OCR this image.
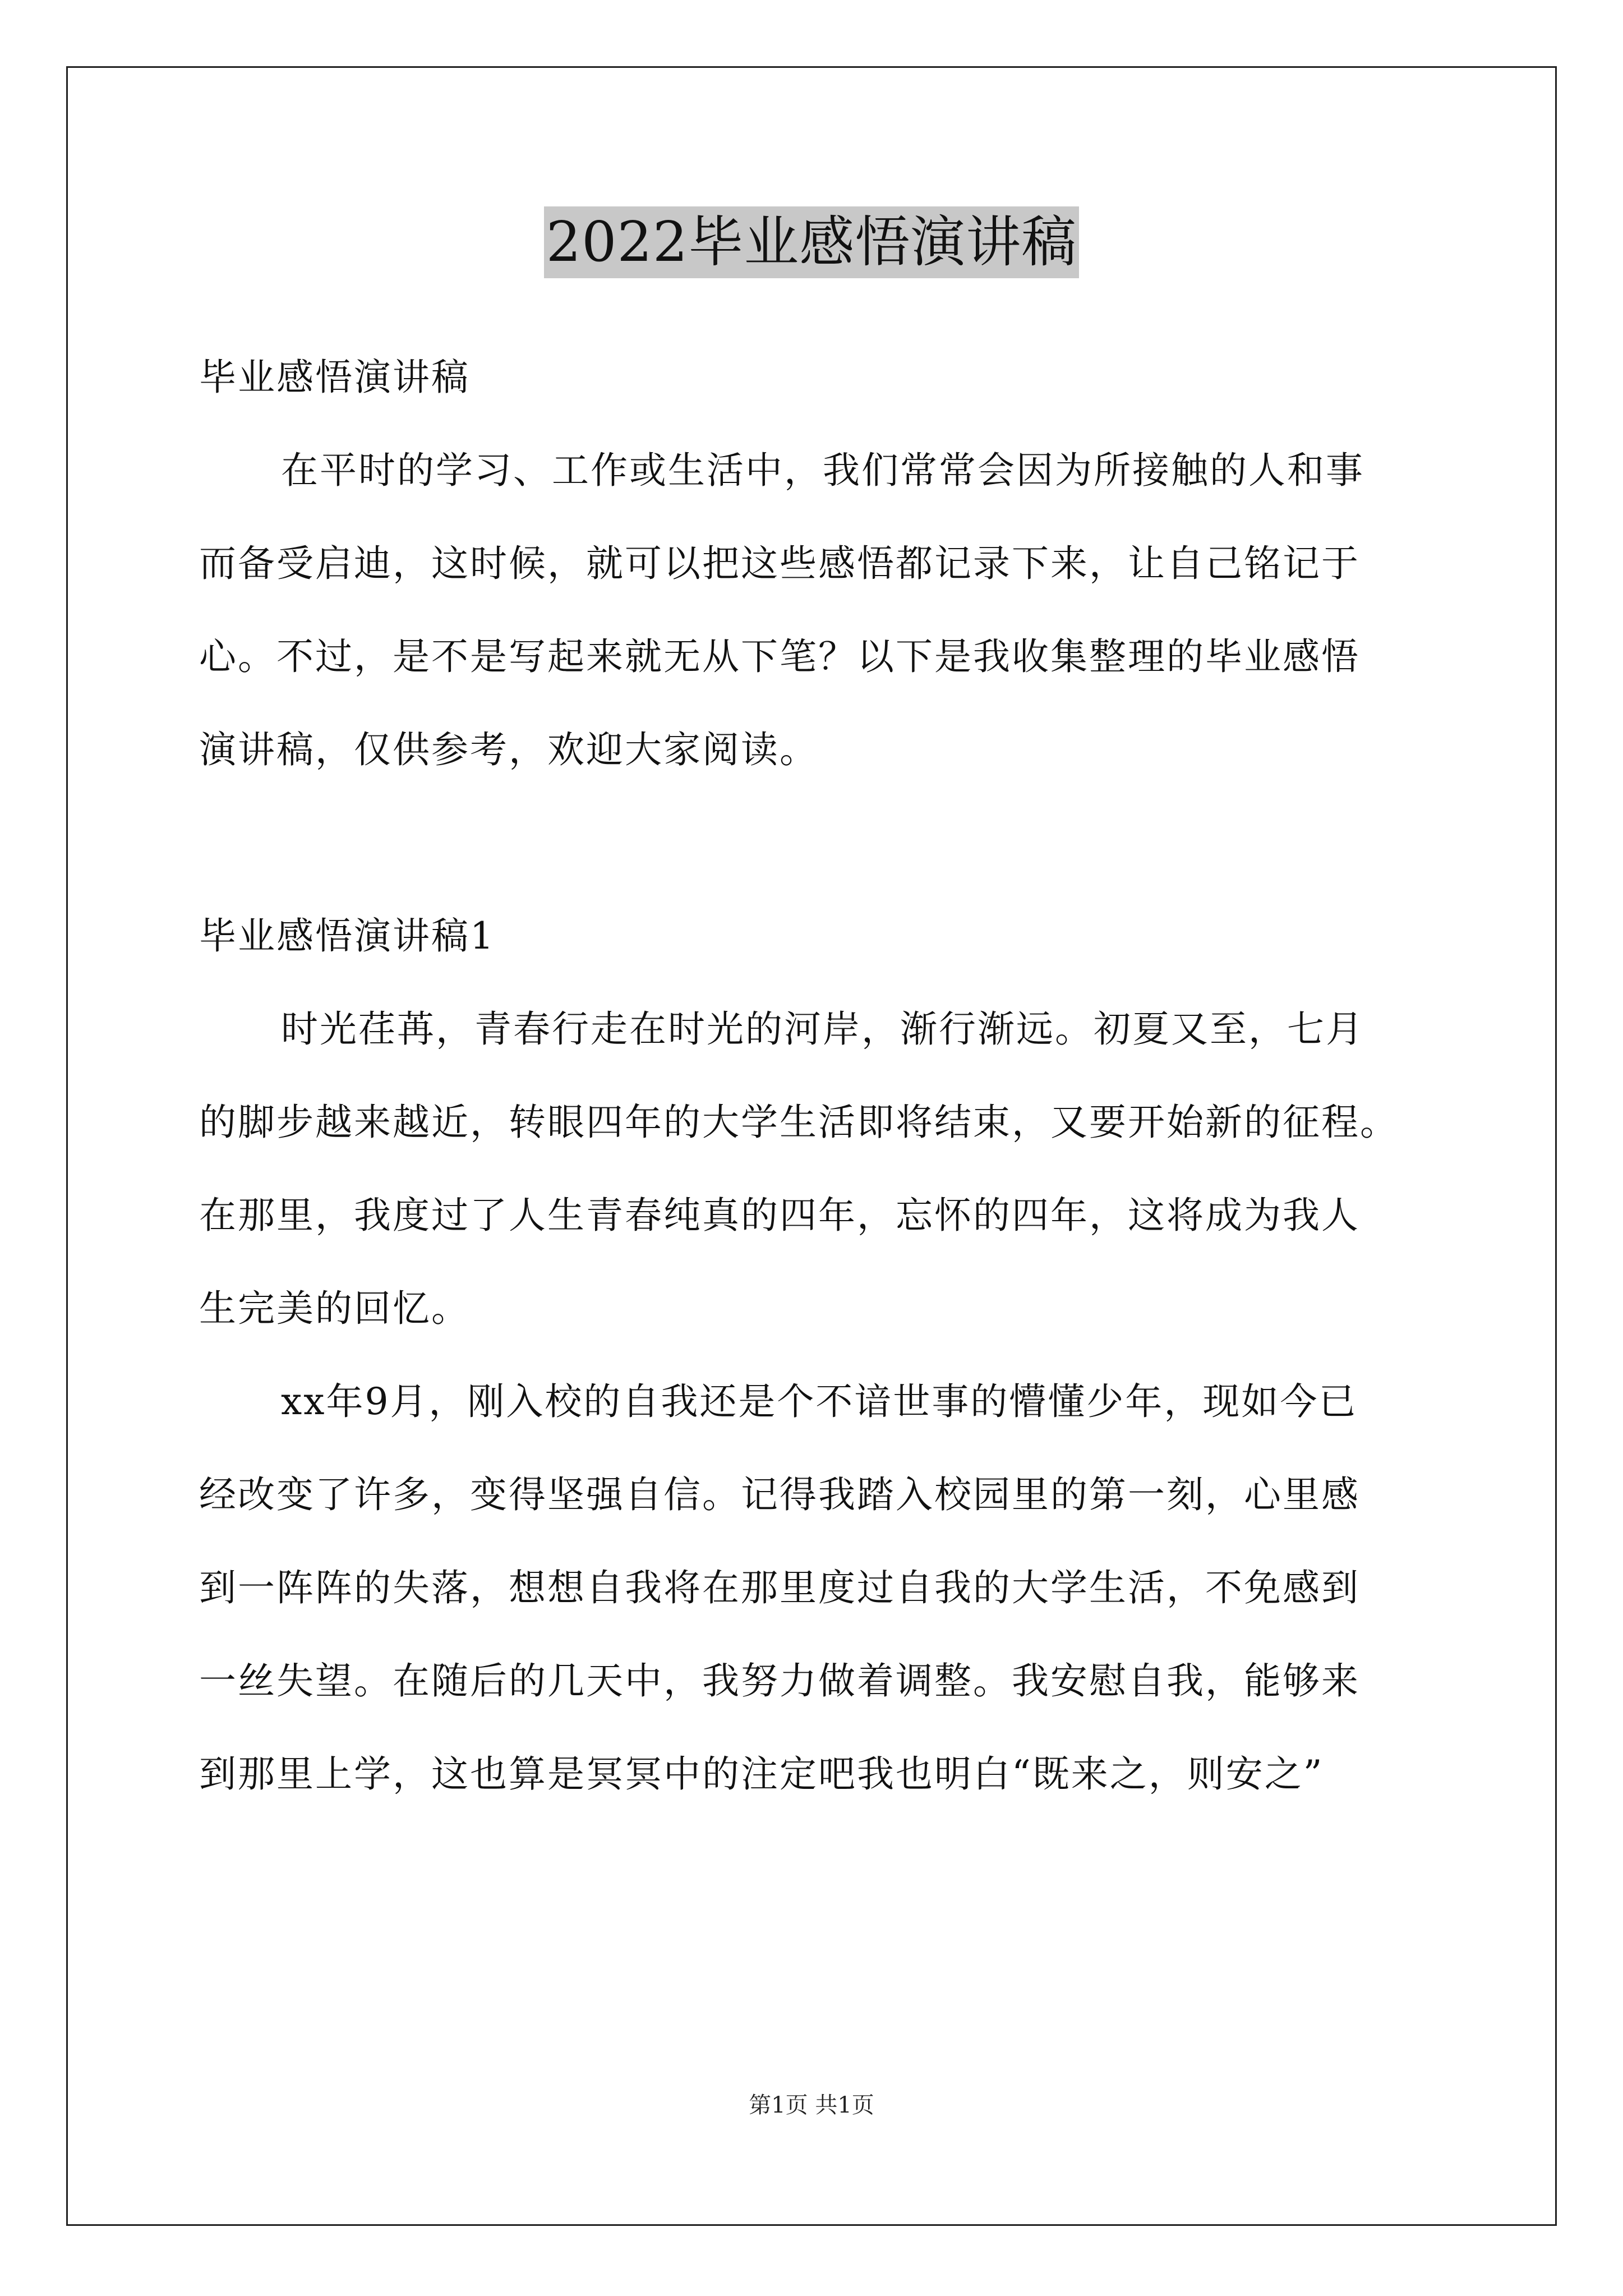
2022毕业感悟演讲稿
毕业感悟演讲稿
在平时的学习、工作或生活中，我们常常会因为所接触的人和事
而备受启迪，这时候，就可以把这些感悟都记录下来，让自己铭记于
心。不过，是不是写起来就无从下笔？以下是我收集整理的毕业感悟
演讲稿，仅供参考，欢迎大家阅读。
毕业感悟演讲稿1
时光荏苒，青春行走在时光的河岸，渐行渐远。初夏又至，七月
的脚步越来越近，转眼四年的大学生活即将结束，又要开始新的征程。
在那里，我度过了人生青春纯真的四年，忘怀的四年，这将成为我人
生完美的回忆。
xx年9月，刚入校的自我还是个不谙世事的懵懂少年，现如今已
经改变了许多，变得坚强自信。记得我踏入校园里的第一刻，心里感
到一阵阵的失落，想想自我将在那里度过自我的大学生活，不免感到
一丝失望。在随后的几天中，我努力做着调整。我安慰自我，能够来
到那里上学，这也算是冥冥中的注定吧我也明白“既来之，则安之”
第1页 共1页
